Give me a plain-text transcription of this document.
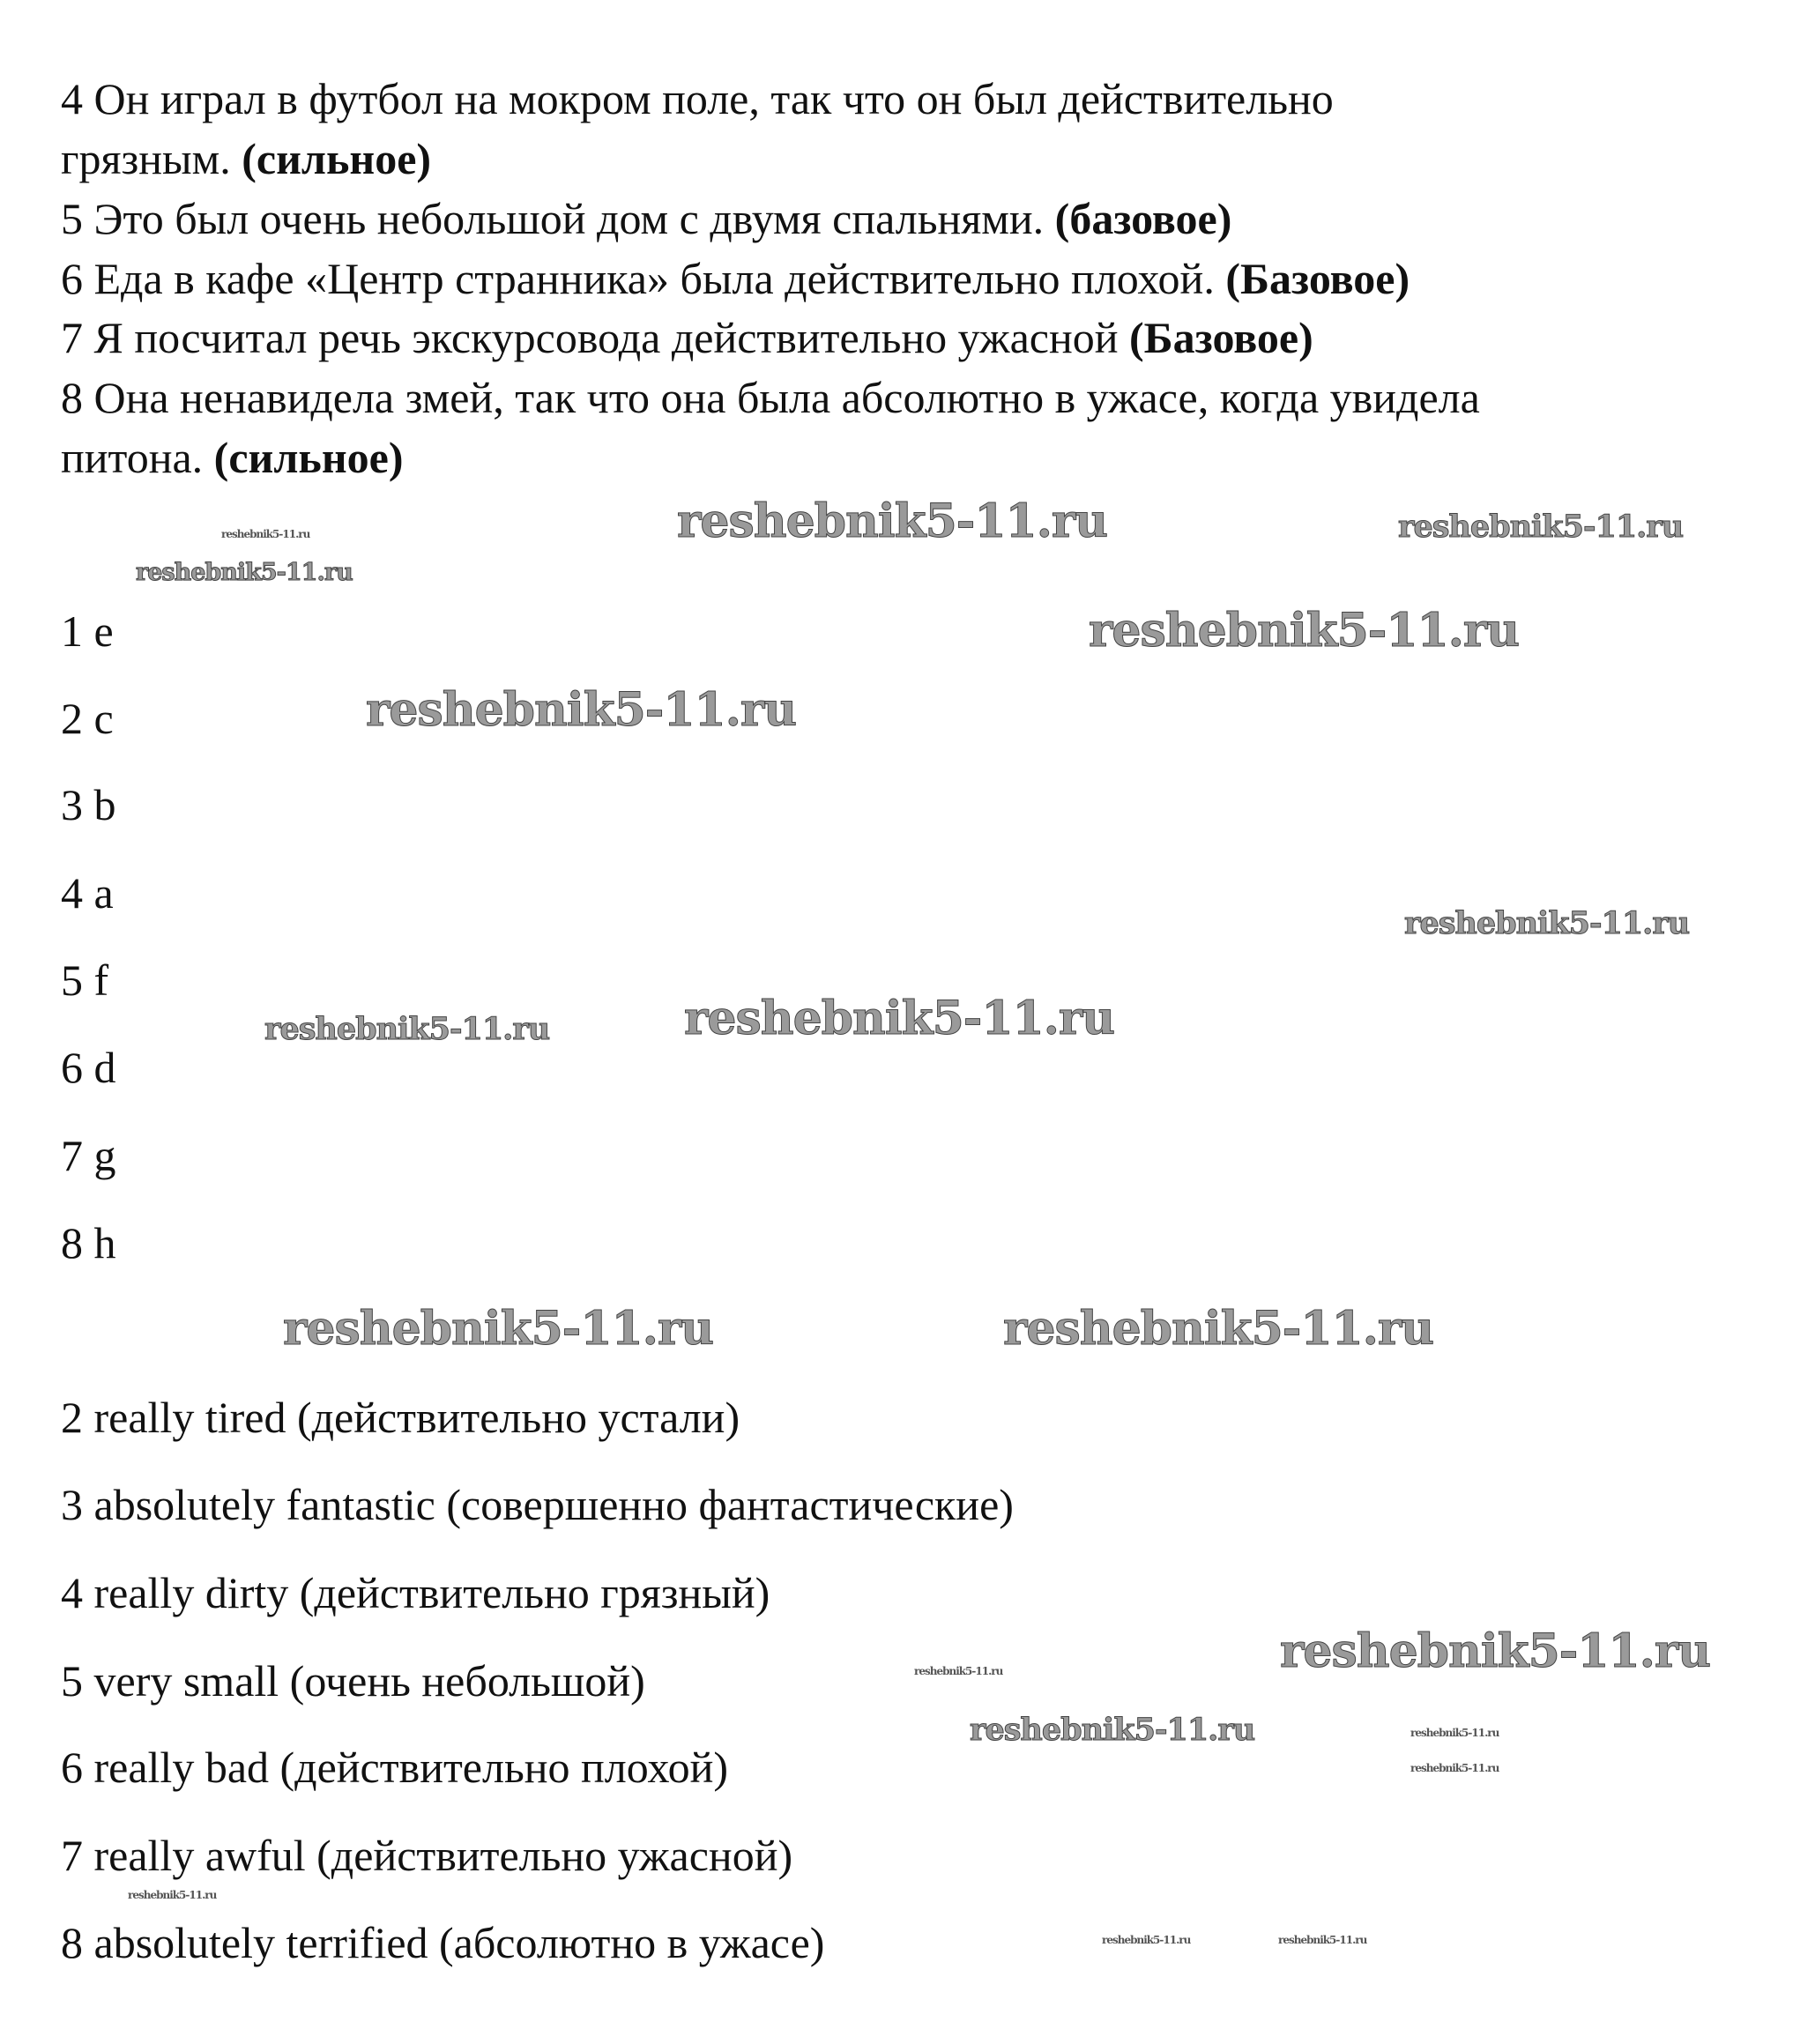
4 Он играл в футбол на мокром поле, так что он был действительно
грязным. (сильное)
5 Это был очень небольшой дом с двумя спальнями. (базовое)
6 Еда в кафе «Центр странника» была действительно плохой. (Базовое)
7 Я посчитал речь экскурсовода действительно ужасной (Базовое)
8 Она ненавидела змей, так что она была абсолютно в ужасе, когда увидела
питона. (сильное)
1 e
2 c
3 b
4 a
5 f
6 d
7 g
8 h
2 really tired (действительно устали)
3 absolutely fantastic (совершенно фантастические)
4 really dirty (действительно грязный)
5 very small (очень небольшой)
6 really bad (действительно плохой)
7 really awful (действительно ужасной)
8 absolutely terrified (абсолютно в ужасе)
reshebnik5-11.ru	reshebnik5-11.ru
reshebnik5-11.ru
reshebnik5-11.ru
reshebnik5-11.ru
reshebnik5-11.ru
reshebnik5-11.ru
reshebnik5-11.ru
reshebnik5-11.ru
reshebnik5-11.ru
reshebnik5-11.ru
reshebnik5-11.ru
reshebnik5-11.ru
reshebnik5-11.ru	reshebnik5-11.ru
reshebnik5-11.ru
reshebnik5-11.ru
reshebnik5-11.ru	reshebnik5-11.ru
